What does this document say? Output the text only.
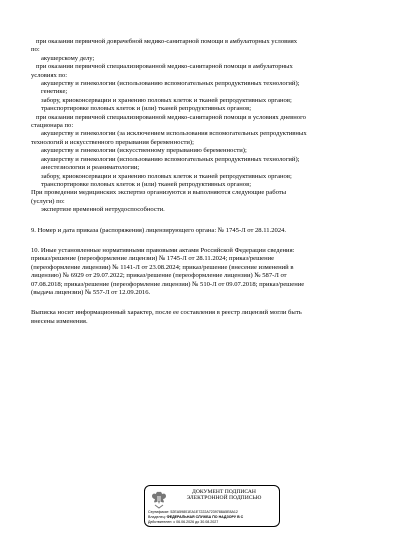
при оказании первичной доврачебной медико-санитарной помощи в амбулаторных условиях
по:
акушерскому делу;
при оказании первичной специализированной медико-санитарной помощи в амбулаторных
условиях по:
акушерству и гинекологии (использованию вспомогательных репродуктивных технологий);
генетике;
забору, криоконсервации и хранению половых клеток и тканей репродуктивных органов;
транспортировке половых клеток и (или) тканей репродуктивных органов;
при оказании первичной специализированной медико-санитарной помощи в условиях дневного
стационара по:
акушерству и гинекологии (за исключением использования вспомогательных репродуктивных
технологий и искусственного прерывания беременности);
акушерству и гинекологии (искусственному прерыванию беременности);
акушерству и гинекологии (использованию вспомогательных репродуктивных технологий);
анестезиологии и реаниматологии;
забору, криоконсервации и хранению половых клеток и тканей репродуктивных органов;
транспортировке половых клеток и (или) тканей репродуктивных органов;
При проведении медицинских экспертиз организуются и выполняются следующие работы
(услуги) по:
экспертизе временной нетрудоспособности.
9. Номер и дата приказа (распоряжения) лицензирующего органа: № 1745-Л от 28.11.2024.
10. Иные установленные нормативными правовыми актами Российской Федерации сведения:
приказ/решение (переоформление лицензии) № 1745-Л от 28.11.2024; приказ/решение
(переоформление лицензии) № 1141-Л от 23.08.2024; приказ/решение (внесение изменений в
лицензию) № 6929 от 29.07.2022; приказ/решение (переоформление лицензии) № 587-Л от
07.08.2018; приказ/решение (переоформление лицензии) № 510-Л от 09.07.2018; приказ/решение
(выдача лицензии) № 557-Л от 12.09.2016.
Выписка носит информационный характер, после ее составления в реестр лицензий могли быть
внесены изменения.
ДОКУМЕНТ ПОДПИСАН
ЭЛЕКТРОННОЙ ПОДПИСЬЮ
Сертификат: 52EA59801EA1E7222A7239788A5E8A12
Владелец: ФЕДЕРАЛЬНАЯ СЛУЖБА ПО НАДЗОРУ В С
Действителен: с 06.06.2026 до 30.08.2027
